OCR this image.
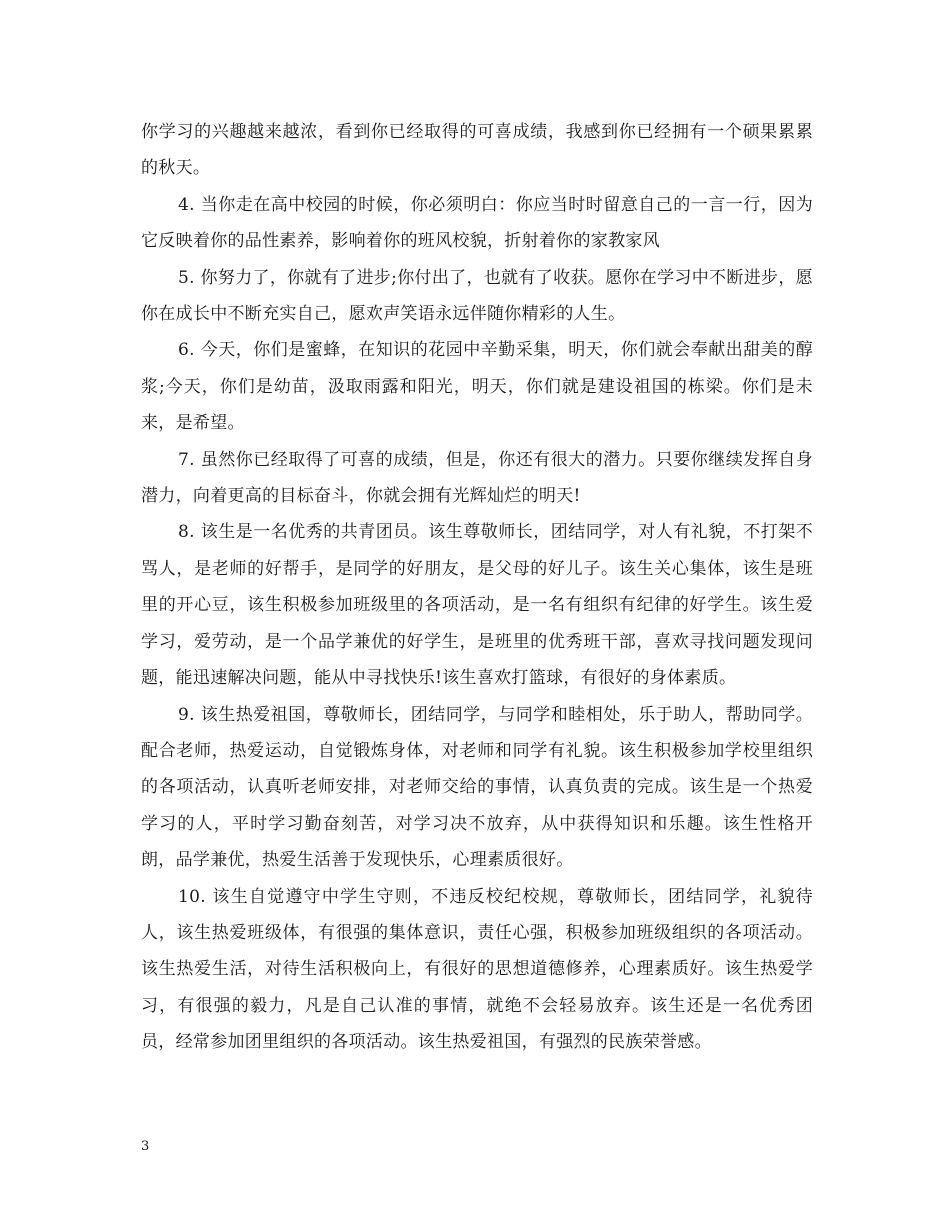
你学习的兴趣越来越浓，看到你已经取得的可喜成绩，我感到你已经拥有一个硕果累累的秋天。

4. 当你走在高中校园的时候，你必须明白：你应当时时留意自己的一言一行，因为它反映着你的品性素养，影响着你的班风校貌，折射着你的家教家风

5. 你努力了，你就有了进步;你付出了，也就有了收获。愿你在学习中不断进步，愿你在成长中不断充实自己，愿欢声笑语永远伴随你精彩的人生。

6. 今天，你们是蜜蜂，在知识的花园中辛勤采集，明天，你们就会奉献出甜美的醇浆;今天，你们是幼苗，汲取雨露和阳光，明天，你们就是建设祖国的栋梁。你们是未来，是希望。

7. 虽然你已经取得了可喜的成绩，但是，你还有很大的潜力。只要你继续发挥自身潜力，向着更高的目标奋斗，你就会拥有光辉灿烂的明天!

8. 该生是一名优秀的共青团员。该生尊敬师长，团结同学，对人有礼貌，不打架不骂人，是老师的好帮手，是同学的好朋友，是父母的好儿子。该生关心集体，该生是班里的开心豆，该生积极参加班级里的各项活动，是一名有组织有纪律的好学生。该生爱学习，爱劳动，是一个品学兼优的好学生，是班里的优秀班干部，喜欢寻找问题发现问题，能迅速解决问题，能从中寻找快乐!该生喜欢打篮球，有很好的身体素质。

9. 该生热爱祖国，尊敬师长，团结同学，与同学和睦相处，乐于助人，帮助同学。配合老师，热爱运动，自觉锻炼身体，对老师和同学有礼貌。该生积极参加学校里组织的各项活动，认真听老师安排，对老师交给的事情，认真负责的完成。该生是一个热爱学习的人，平时学习勤奋刻苦，对学习决不放弃，从中获得知识和乐趣。该生性格开朗，品学兼优，热爱生活善于发现快乐，心理素质很好。

10. 该生自觉遵守中学生守则，不违反校纪校规，尊敬师长，团结同学，礼貌待人，该生热爱班级体，有很强的集体意识，责任心强，积极参加班级组织的各项活动。该生热爱生活，对待生活积极向上，有很好的思想道德修养，心理素质好。该生热爱学习，有很强的毅力，凡是自己认准的事情，就绝不会轻易放弃。该生还是一名优秀团员，经常参加团里组织的各项活动。该生热爱祖国，有强烈的民族荣誉感。

3
